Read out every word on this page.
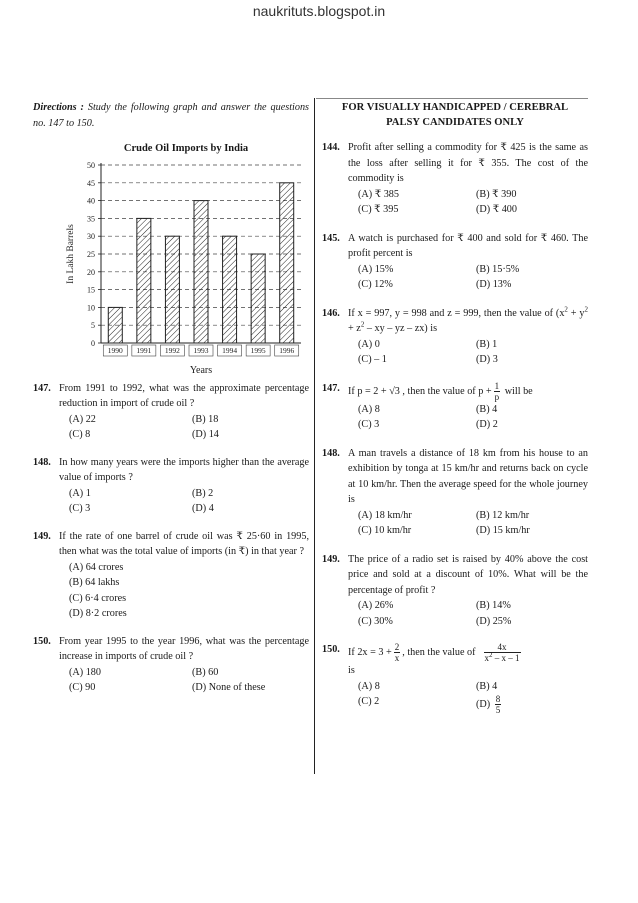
naukrituts.blogspot.in
Directions : Study the following graph and answer the questions no. 147 to 150.
Crude Oil Imports by India
0
5
10
15
20
25
30
35
40
45
50
1990 1991 1992 1993 1994 1995 1996
In Lakh Barrels
Years
147. From 1991 to 1992, what was the approximate percentage reduction in import of crude oil ?
(A) 22	(B) 18
(C) 8	(D) 14
148. In how many years were the imports higher than the average value of imports ?
(A) 1	(B) 2
(C) 3	(D) 4
149. If the rate of one barrel of crude oil was ₹ 25·60 in 1995, then what was the total value of imports (in ₹) in that year ?
(A) 64 crores
(B) 64 lakhs
(C) 6·4 crores
(D) 8·2 crores
150. From year 1995 to the year 1996, what was the percentage increase in imports of crude oil ?
(A) 180	(B) 60
(C) 90	(D) None of these
FOR VISUALLY HANDICAPPED / CEREBRAL PALSY CANDIDATES ONLY
144. Profit after selling a commodity for ₹ 425 is the same as the loss after selling it for ₹ 355. The cost of the commodity is
(A) ₹ 385	(B) ₹ 390
(C) ₹ 395	(D) ₹ 400
145. A watch is purchased for ₹ 400 and sold for ₹ 460. The profit percent is
(A) 15%	(B) 15·5%
(C) 12%	(D) 13%
146. If x = 997, y = 998 and z = 999, then the value of ($x^2 + y^2 + z^2$ – xy – yz – zx) is
(A) 0	(B) 1
(C) – 1	(D) 3
147. If p = 2 + √3 , then the value of $p + \frac{1}{p}$ will be
(A) 8	(B) 4
(C) 3	(D) 2
148. A man travels a distance of 18 km from his house to an exhibition by tonga at 15 km/hr and returns back on cycle at 10 km/hr. Then the average speed for the whole journey is
(A) 18 km/hr	(B) 12 km/hr
(C) 10 km/hr	(D) 15 km/hr
149. The price of a radio set is raised by 40% above the cost price and sold at a discount of 10%. What will be the percentage of profit ?
(A) 26%	(B) 14%
(C) 30%	(D) 25%
150. If $2x = 3 + \frac{2}{x}$ , then the value of $\frac{4x}{x^2 - x - 1}$

is
(A) 8	(B) 4
(C) 2	$(D) \frac{8}{5}$
